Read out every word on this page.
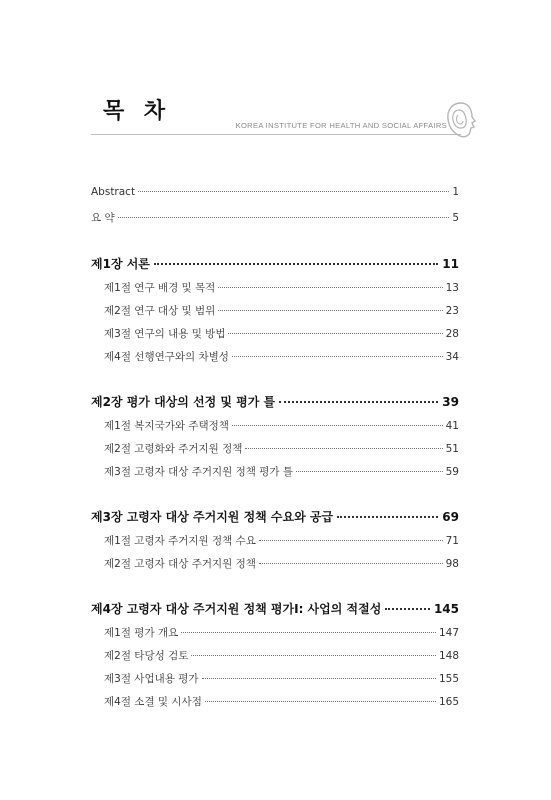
목 차
KOREA INSTITUTE FOR HEALTH AND SOCIAL AFFAIRS
Abstract	1
요 약	5
제1장 서론	11
제1절 연구 배경 및 목적	13
제2절 연구 대상 및 범위	23
제3절 연구의 내용 및 방법	28
제4절 선행연구와의 차별성	34
제2장 평가 대상의 선정 및 평가 틀	39
제1절 복지국가와 주택정책	41
제2절 고령화와 주거지원 정책	51
제3절 고령자 대상 주거지원 정책 평가 틀	59
제3장 고령자 대상 주거지원 정책 수요와 공급	69
제1절 고령자 주거지원 정책 수요	71
제2절 고령자 대상 주거지원 정책	98
제4장 고령자 대상 주거지원 정책 평가Ⅰ: 사업의 적절성	145
제1절 평가 개요	147
제2절 타당성 검토	148
제3절 사업내용 평가	155
제4절 소결 및 시사점	165
